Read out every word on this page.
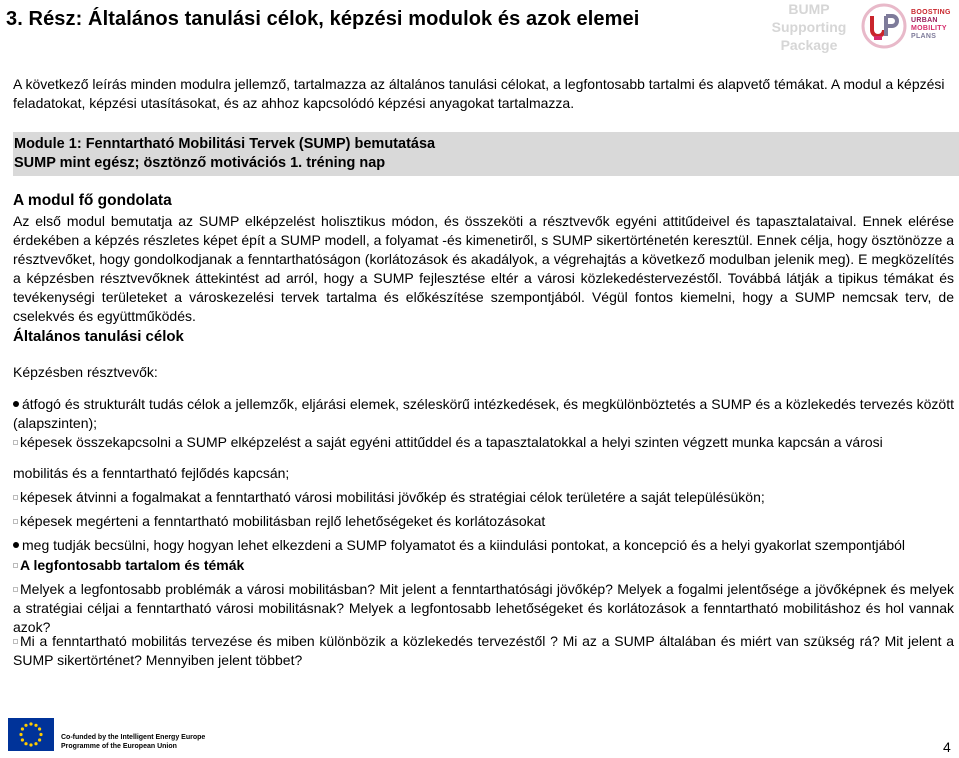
3. Rész: Általános tanulási célok, képzési modulok és azok elemei	BUMP
Supporting
Package
BOOSTING
URBAN
MOBILITY
PLANS
A következő leírás minden modulra jellemző, tartalmazza az általános tanulási célokat, a legfontosabb tartalmi és alapvető témákat. A modul a képzési feladatokat, képzési utasításokat, és az ahhoz kapcsolódó képzési anyagokat tartalmazza.
Module 1: Fenntartható Mobilitási Tervek (SUMP) bemutatása
SUMP mint egész; ösztönző motivációs 1. tréning nap
A modul fő gondolata
Az első modul bemutatja az SUMP elképzelést holisztikus módon, és összeköti a résztvevők egyéni attitűdeivel és tapasztalataival. Ennek elérése érdekében a képzés részletes képet épít a SUMP modell, a folyamat -és kimenetiről, s SUMP sikertörténetén keresztül. Ennek célja, hogy ösztönözze a résztvevőket, hogy gondolkodjanak a fenntarthatóságon (korlátozások és akadályok, a végrehajtás a következő modulban jelenik meg). E megközelítés a képzésben résztvevőknek áttekintést ad arról, hogy a SUMP fejlesztése eltér a városi közlekedéstervezéstől. Továbbá látják a tipikus témákat és tevékenységi területeket a városkezelési tervek tartalma és előkészítése szempontjából. Végül fontos kiemelni, hogy a SUMP nemcsak terv, de cselekvés és együttműködés.
Általános tanulási célok
Képzésben résztvevők:
átfogó és strukturált tudás célok a jellemzők, eljárási elemek, széleskörű intézkedések, és megkülönböztetés a SUMP és a közlekedés tervezés között (alapszinten);
képesek összekapcsolni a SUMP elképzelést a saját egyéni attitűddel és a tapasztalatokkal a helyi szinten végzett munka kapcsán a városi
mobilitás és a fenntartható fejlődés kapcsán;
képesek átvinni a fogalmakat a fenntartható városi mobilitási jövőkép és stratégiai célok területére a saját településükön;
képesek megérteni a fenntartható mobilitásban rejlő lehetőségeket és korlátozásokat
meg tudják becsülni, hogy hogyan lehet elkezdeni a SUMP folyamatot és a kiindulási pontokat, a koncepció és a helyi gyakorlat szempontjából
A legfontosabb tartalom és témák
Melyek a legfontosabb problémák a városi mobilitásban? Mit jelent a fenntarthatósági jövőkép? Melyek a fogalmi jelentősége a jövőképnek és melyek a stratégiai céljai a fenntartható városi mobilitásnak? Melyek a legfontosabb lehetőségeket és korlátozások a fenntartható mobilitáshoz és hol vannak azok?
Mi a fenntartható mobilitás tervezése és miben különbözik a közlekedés tervezéstől ? Mi az a SUMP általában és miért van szükség rá? Mit jelent a SUMP sikertörténet? Mennyiben jelent többet?
Co-funded by the Intelligent Energy Europe
Programme of the European Union	4
